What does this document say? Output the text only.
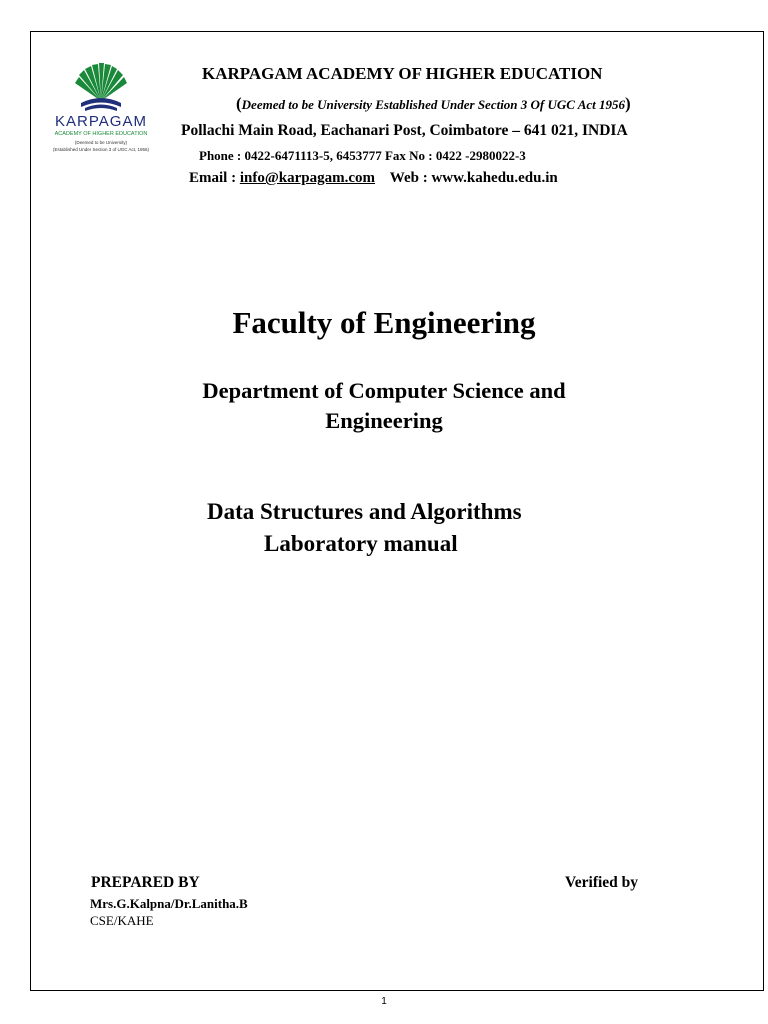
KARPAGAM
ACADEMY OF HIGHER EDUCATION
(Deemed to be University)
(Established Under Section 3 of UGC Act, 1956)
KARPAGAM ACADEMY OF HIGHER EDUCATION
(Deemed to be University Established Under Section 3 Of UGC Act 1956)
Pollachi Main Road, Eachanari Post, Coimbatore – 641 021, INDIA
Phone : 0422-6471113-5, 6453777 Fax No : 0422 -2980022-3
Email : info@karpagam.com    Web : www.kahedu.edu.in
Faculty of Engineering
Department of Computer Science and
Engineering
Data Structures and Algorithms
Laboratory manual
PREPARED BY	Verified by
Mrs.G.Kalpna/Dr.Lanitha.B
CSE/KAHE
1
